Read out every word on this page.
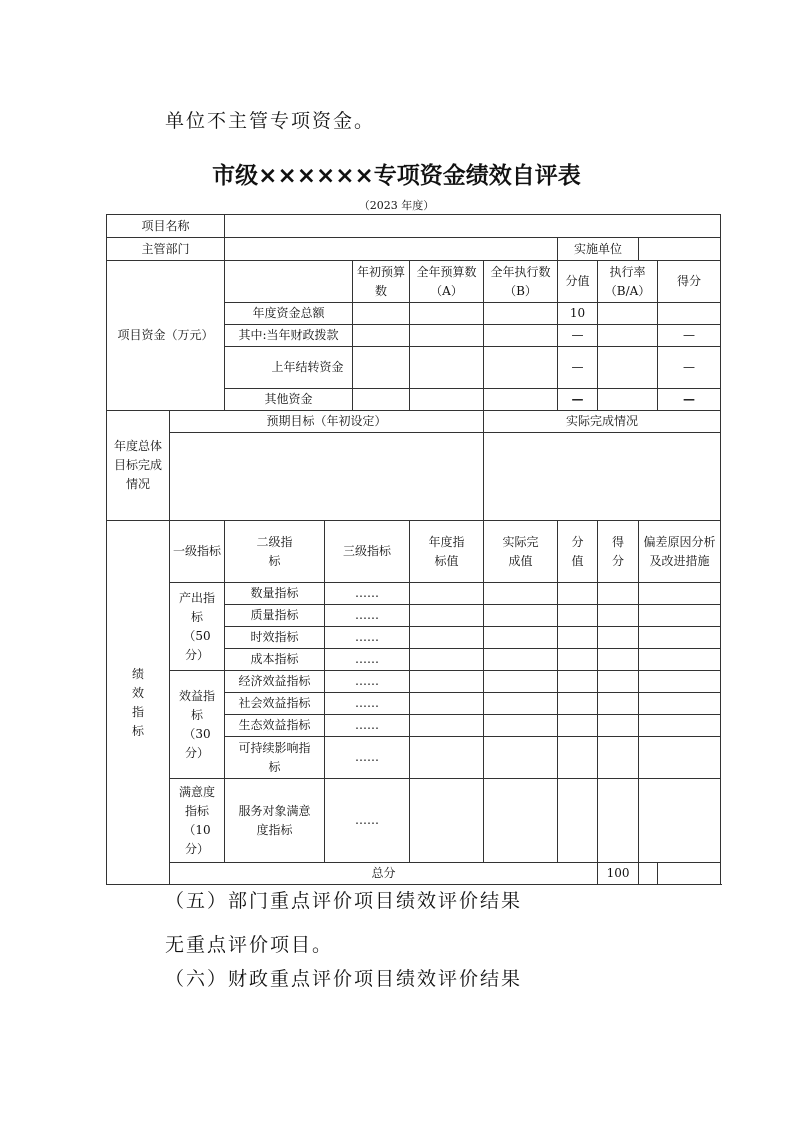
单位不主管专项资金。
市级××××××专项资金绩效自评表
（2023 年度）
项目名称										
主管部门							实施单位			
项目资金（万元）				年初预算数	全年预算数（A）	全年执行数（B）	分值	执行率（B/A）		得分
		年度资金总额					10			
		其中:当年财政拨款					—			—
		上年结转资金					—			—
		其他资金					—			—
年度总体目标完成情况	预期目标（年初设定）					实际完成情况				

绩效指标	一级指标	二级指标	三级指标		年度指标值	实际完成值	分值	得分	偏差原因分析及改进措施	
	产出指标（50分）	数量指标	……							
		质量指标	……							
		时效指标	……							
		成本指标	……							
	效益指标（30分）	经济效益指标	……							
		社会效益指标	……							
		生态效益指标	……							
		可持续影响指标	……							
	满意度指标（10分）	服务对象满意度指标	……							
	总分							100		
（五）部门重点评价项目绩效评价结果
无重点评价项目。
（六）财政重点评价项目绩效评价结果
